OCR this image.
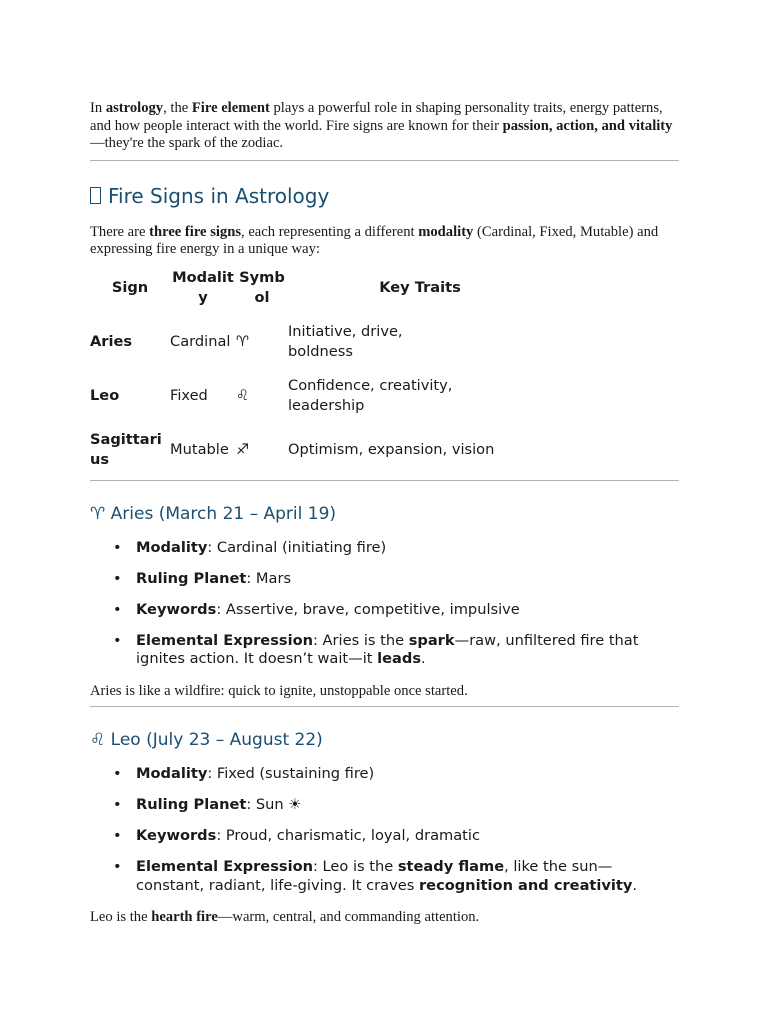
In astrology, the Fire element plays a powerful role in shaping personality traits, energy patterns, and how people interact with the world. Fire signs are known for their passion, action, and vitality—they're the spark of the zodiac.

Fire Signs in Astrology

There are three fire signs, each representing a different modality (Cardinal, Fixed, Mutable) and expressing fire energy in a unique way:

Sign	Modality	Symbol	Key Traits
Aries	Cardinal	♈	Initiative, drive, boldness
Leo	Fixed	♌	Confidence, creativity, leadership
Sagittarius	Mutable	♐	Optimism, expansion, vision
♈ Aries (March 21 – April 19)
• Modality: Cardinal (initiating fire)
• Ruling Planet: Mars
• Keywords: Assertive, brave, competitive, impulsive
• Elemental Expression: Aries is the spark—raw, unfiltered fire that ignites action. It doesn’t wait—it leads.

Aries is like a wildfire: quick to ignite, unstoppable once started.

♌ Leo (July 23 – August 22)
• Modality: Fixed (sustaining fire)
• Ruling Planet: Sun ☀
• Keywords: Proud, charismatic, loyal, dramatic
• Elemental Expression: Leo is the steady flame, like the sun—constant, radiant, life-giving. It craves recognition and creativity.

Leo is the hearth fire—warm, central, and commanding attention.
